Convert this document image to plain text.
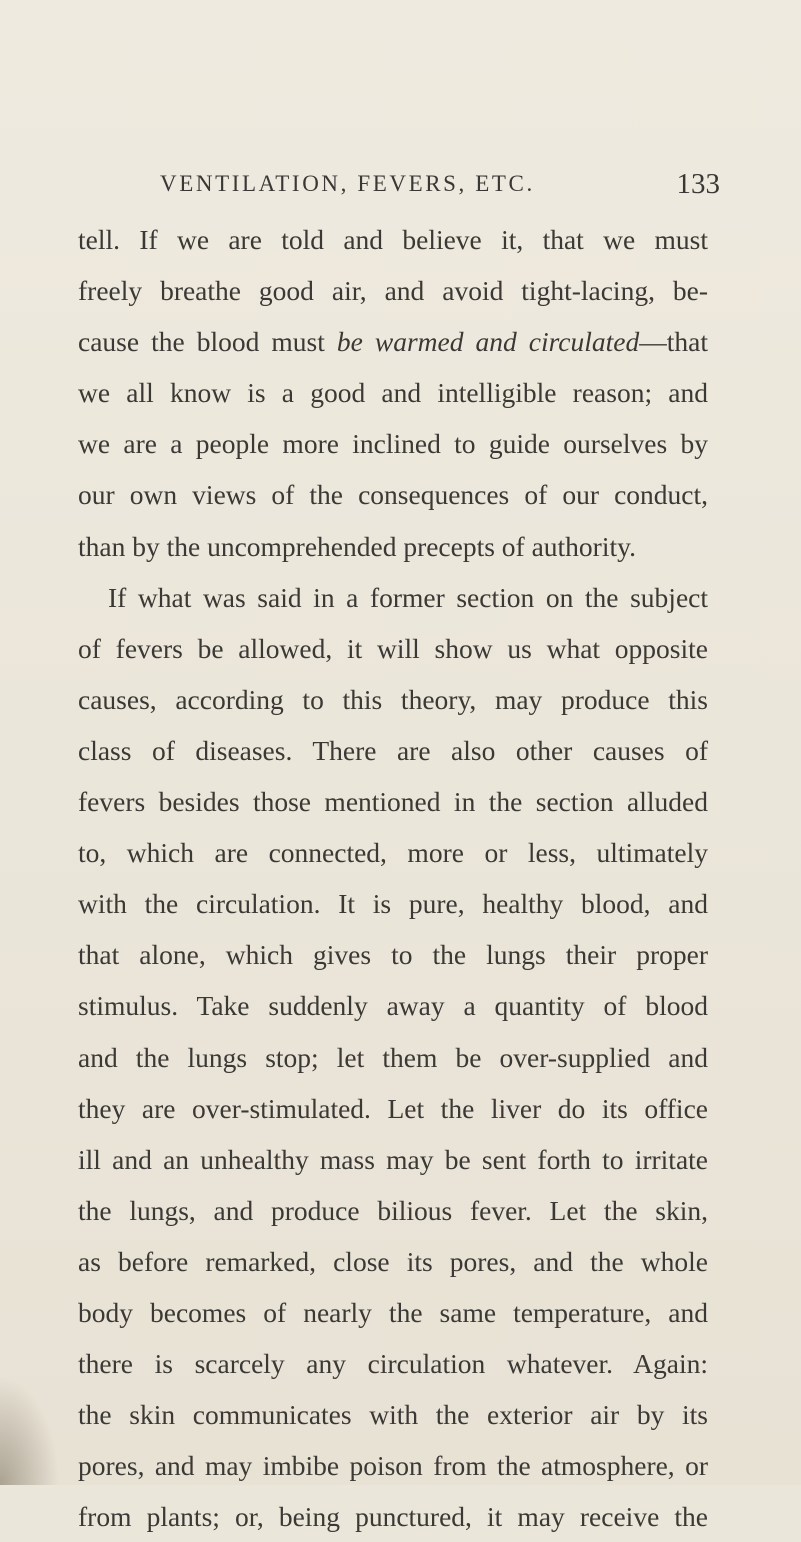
VENTILATION, FEVERS, ETC.	133
tell. If we are told and believe it, that we must
freely breathe good air, and avoid tight-lacing, be-
cause the blood must be warmed and circulated—that
we all know is a good and intelligible reason; and
we are a people more inclined to guide ourselves by
our own views of the consequences of our conduct,
than by the uncomprehended precepts of authority.
If what was said in a former section on the subject
of fevers be allowed, it will show us what opposite
causes, according to this theory, may produce this
class of diseases. There are also other causes of
fevers besides those mentioned in the section alluded
to, which are connected, more or less, ultimately
with the circulation. It is pure, healthy blood, and
that alone, which gives to the lungs their proper
stimulus. Take suddenly away a quantity of blood
and the lungs stop; let them be over-supplied and
they are over-stimulated. Let the liver do its office
ill and an unhealthy mass may be sent forth to irritate
the lungs, and produce bilious fever. Let the skin,
as before remarked, close its pores, and the whole
body becomes of nearly the same temperature, and
there is scarcely any circulation whatever. Again:
the skin communicates with the exterior air by its
pores, and may imbibe poison from the atmosphere, or
from plants; or, being punctured, it may receive the
